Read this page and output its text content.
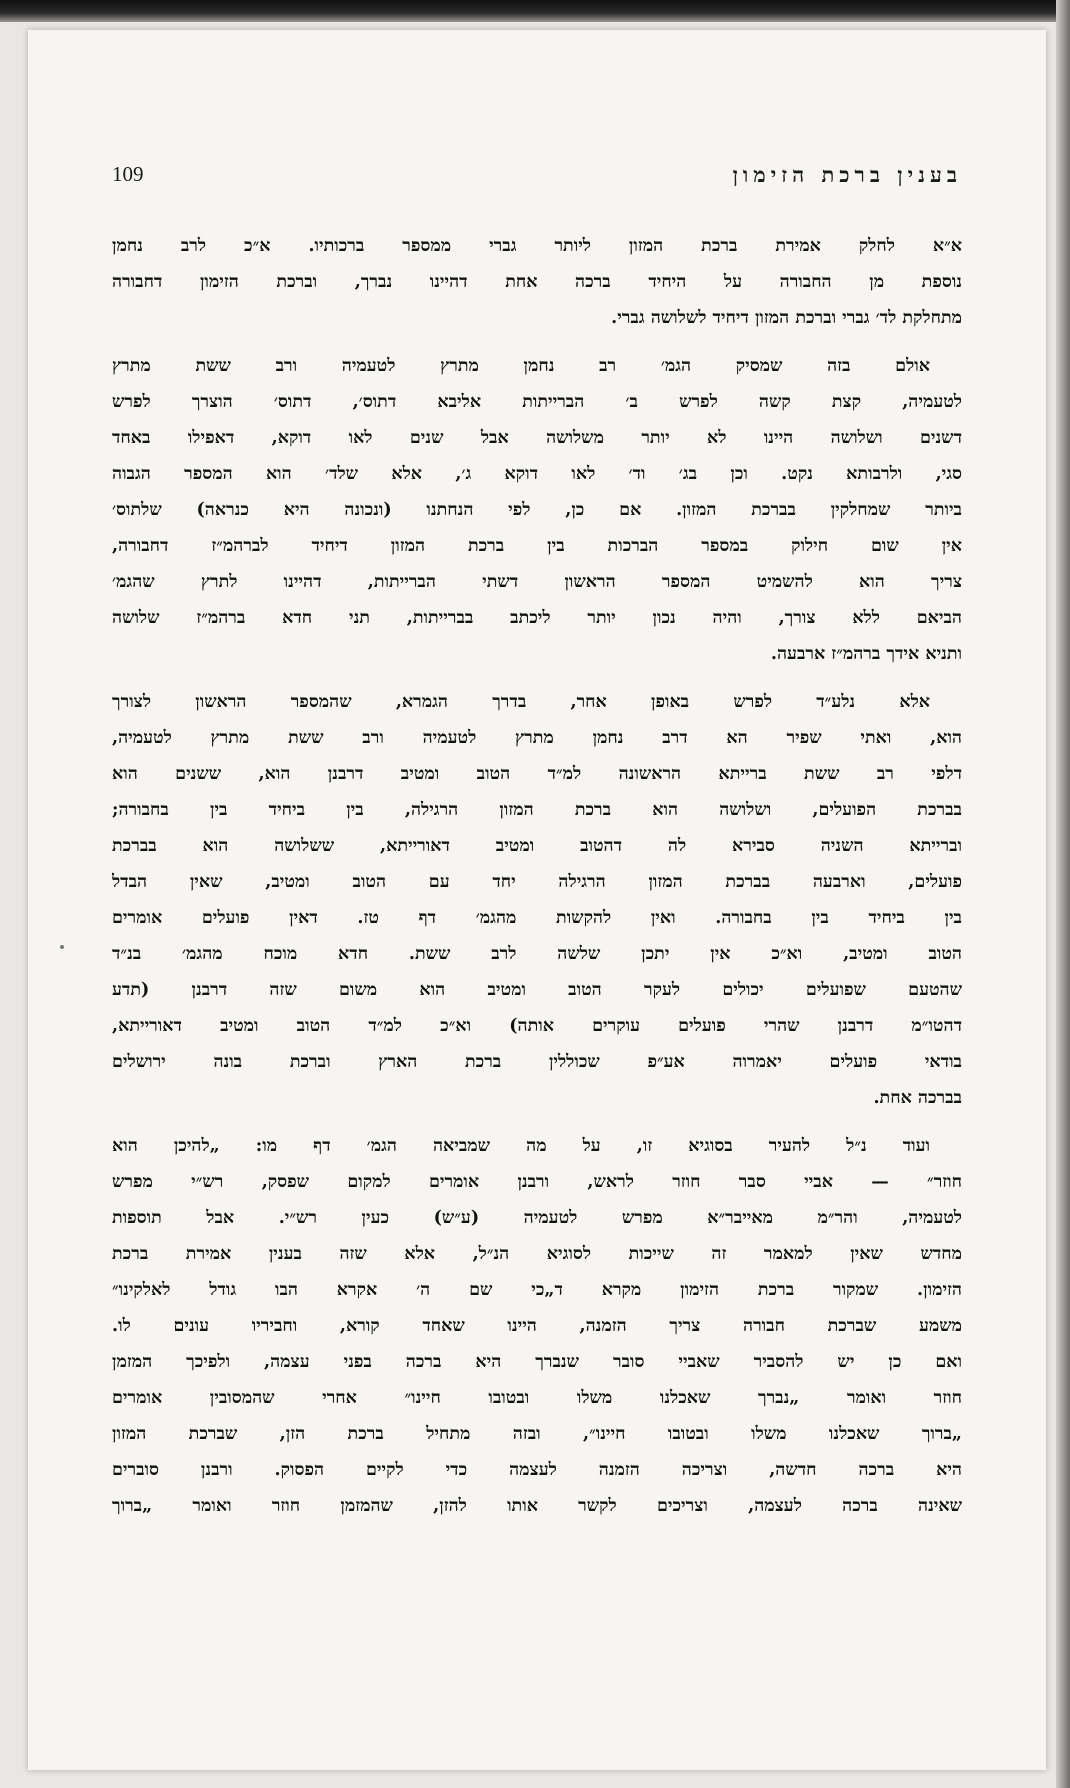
109	בענין ברכת הזימון
א״א לחלק אמירת ברכת המזון ליותר גברי ממספר ברכותיו. א״כ לרב נחמן
נוספת מן החבורה על היחיד ברכה אחת דהיינו נברך, וברכת הזימון דחבורה
מתחלקת לד׳ גברי וברכת המזון דיחיד לשלושה גברי.
אולם בזה שמסיק הגמ׳ רב נחמן מתרץ לטעמיה ורב ששת מתרץ
לטעמיה, קצת קשה לפרש ב׳ הברייתות אליבא דתוס׳, דתוס׳ הוצרך לפרש
דשנים ושלושה היינו לא יותר משלושה אבל שנים לאו דוקא, דאפילו באחד
סגי, ולרבותא נקט. וכן בג׳ וד׳ לאו דוקא ג׳, אלא שלד׳ הוא המספר הגבוה
ביותר שמחלקין בברכת המזון. אם כן, לפי הנחתנו (ונכונה היא כנראה) שלתוס׳
אין שום חילוק במספר הברכות בין ברכת המזון דיחיד לברהמ״ז דחבורה,
צריך הוא להשמיט המספר הראשון דשתי הברייתות, דהיינו לתרץ שהגמ׳
הביאם ללא צורך, והיה נכון יותר ליכתב בברייתות, תני חדא ברהמ״ז שלושה
ותניא אידך ברהמ״ז ארבעה.
אלא נלע״ד לפרש באופן אחר, בדרך הגמרא, שהמספר הראשון לצורך
הוא, ואתי שפיר הא דרב נחמן מתרץ לטעמיה ורב ששת מתרץ לטעמיה,
דלפי רב ששת ברייתא הראשונה למ״ד הטוב ומטיב דרבנן הוא, ששנים הוא
בברכת הפועלים, ושלושה הוא ברכת המזון הרגילה, בין ביחיד בין בחבורה;
וברייתא השניה סבירא לה דהטוב ומטיב דאורייתא, ששלושה הוא בברכת
פועלים, וארבעה בברכת המזון הרגילה יחד עם הטוב ומטיב, שאין הבדל
בין ביחיד בין בחבורה. ואין להקשות מהגמ׳ דף טז. דאין פועלים אומרים
הטוב ומטיב, וא״כ אין יתכן שלשה לרב ששת. חדא מוכח מהגמ׳ בנ״ד
שהטעם שפועלים יכולים לעקר הטוב ומטיב הוא משום שזה דרבנן (תדע
דהטו״מ דרבנן שהרי פועלים עוקרים אותה) וא״כ למ״ד הטוב ומטיב דאורייתא,
בודאי פועלים יאמרוה אע״פ שכוללין ברכת הארץ וברכת בונה ירושלים
בברכה אחת.
ועוד נ״ל להעיר בסוגיא זו, על מה שמביאה הגמ׳ דף מו: „להיכן הוא
חוזר״ — אביי סבר חוזר לראש, ורבנן אומרים למקום שפסק, רש״י מפרש
לטעמיה, והר״מ מאייבר״א מפרש לטעמיה (ע״ש) כעין רש״י. אבל תוספות
מחדש שאין למאמר זה שייכות לסוגיא הנ״ל, אלא שזה בענין אמירת ברכת
הזימון. שמקור ברכת הזימון מקרא ד„כי שם ה׳ אקרא הבו גודל לאלקינו״
משמע שברכת חבורה צריך הזמנה, היינו שאחד קורא, וחביריו עונים לו.
ואם כן יש להסביר שאביי סובר שנברך היא ברכה בפני עצמה, ולפיכך המזמן
חוזר ואומר „נברך שאכלנו משלו ובטובו חיינו״ אחרי שהמסובין אומרים
„ברוך שאכלנו משלו ובטובו חיינו״, ובזה מתחיל ברכת הזן, שברכת המזון
היא ברכה חדשה, וצריכה הזמנה לעצמה כדי לקיים הפסוק. ורבנן סוברים
שאינה ברכה לעצמה, וצריכים לקשר אותו להזן, שהמזמן חוזר ואומר „ברוך
